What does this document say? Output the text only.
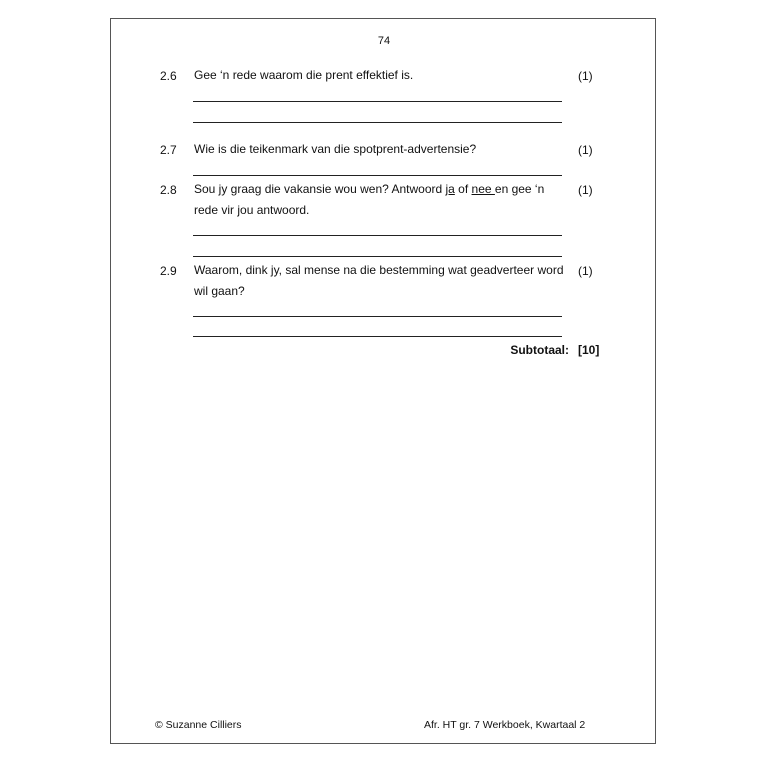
74
2.6 Gee ‘n rede waarom die prent effektief is.	(1)
2.7 Wie is die teikenmark van die spotprent-advertensie?	(1)
2.8 Sou jy graag die vakansie wou wen? Antwoord ja of nee en gee ‘n rede vir jou antwoord.
(1)
2.9 Waarom, dink jy, sal mense na die bestemming wat geadverteer word wil gaan?
(1)
Subtotaal: [10]
© Suzanne Cilliers	Afr. HT gr. 7 Werkboek, Kwartaal 2
